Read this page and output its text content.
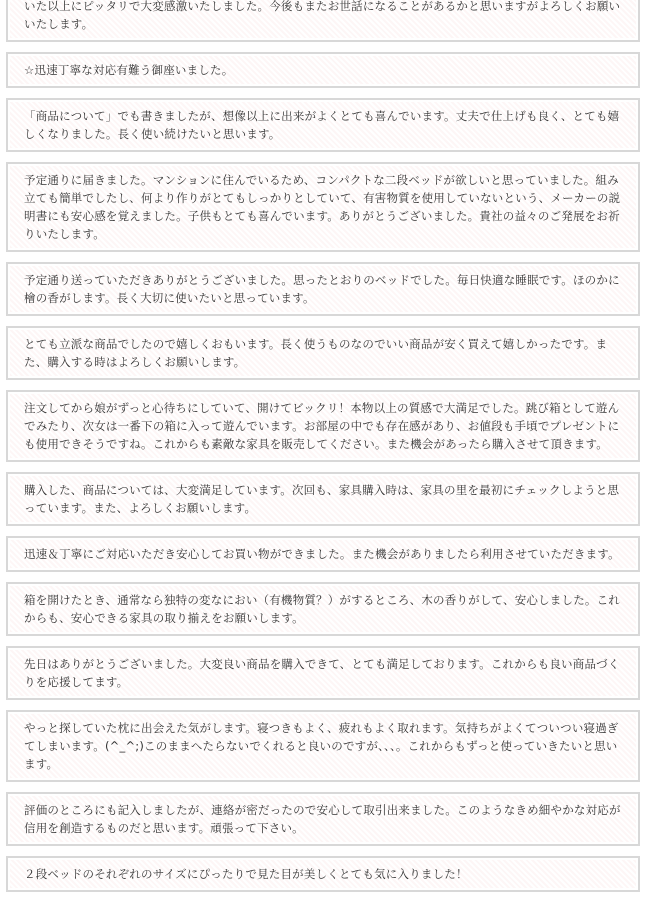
いた以上にピッタリで大変感激いたしました。今後もまたお世話になることがあるかと思いますがよろしくお願いいたします。

☆迅速丁寧な対応有難う御座いました。

「商品について」でも書きましたが、想像以上に出来がよくとても喜んでいます。丈夫で仕上げも良く、とても嬉しくなりました。長く使い続けたいと思います。

予定通りに届きました。マンションに住んでいるため、コンパクトな二段ベッドが欲しいと思っていました。組み立ても簡単でしたし、何より作りがとてもしっかりとしていて、有害物質を使用していないという、メーカーの説明書にも安心感を覚えました。子供もとても喜んでいます。ありがとうございました。貴社の益々のご発展をお祈りいたします。

予定通り送っていただきありがとうございました。思ったとおりのベッドでした。毎日快適な睡眠です。ほのかに檜の香がします。長く大切に使いたいと思っています。

とても立派な商品でしたので嬉しくおもいます。長く使うものなのでいい商品が安く買えて嬉しかったです。また、購入する時はよろしくお願いします。

注文してから娘がずっと心待ちにしていて、開けてビックリ！本物以上の質感で大満足でした。跳び箱として遊んでみたり、次女は一番下の箱に入って遊んでいます。お部屋の中でも存在感があり、お値段も手頃でプレゼントにも使用できそうですね。これからも素敵な家具を販売してください。また機会があったら購入させて頂きます。

購入した、商品については、大変満足しています。次回も、家具購入時は、家具の里を最初にチェックしようと思っています。また、よろしくお願いします。

迅速＆丁寧にご対応いただき安心してお買い物ができました。また機会がありましたら利用させていただきます。

箱を開けたとき、通常なら独特の変なにおい（有機物質？）がするところ、木の香りがして、安心しました。これからも、安心できる家具の取り揃えをお願いします。

先日はありがとうございました。大変良い商品を購入できて、とても満足しております。これからも良い商品づくりを応援してます。

やっと探していた枕に出会えた気がします。寝つきもよく、疲れもよく取れます。気持ちがよくてついつい寝過ぎてしまいます。(^_^;)このままへたらないでくれると良いのですが、、、。これからもずっと使っていきたいと思います。

評価のところにも記入しましたが、連絡が密だったので安心して取引出来ました。このようなきめ細やかな対応が信用を創造するものだと思います。頑張って下さい。

２段ベッドのそれぞれのサイズにぴったりで見た目が美しくとても気に入りました！
